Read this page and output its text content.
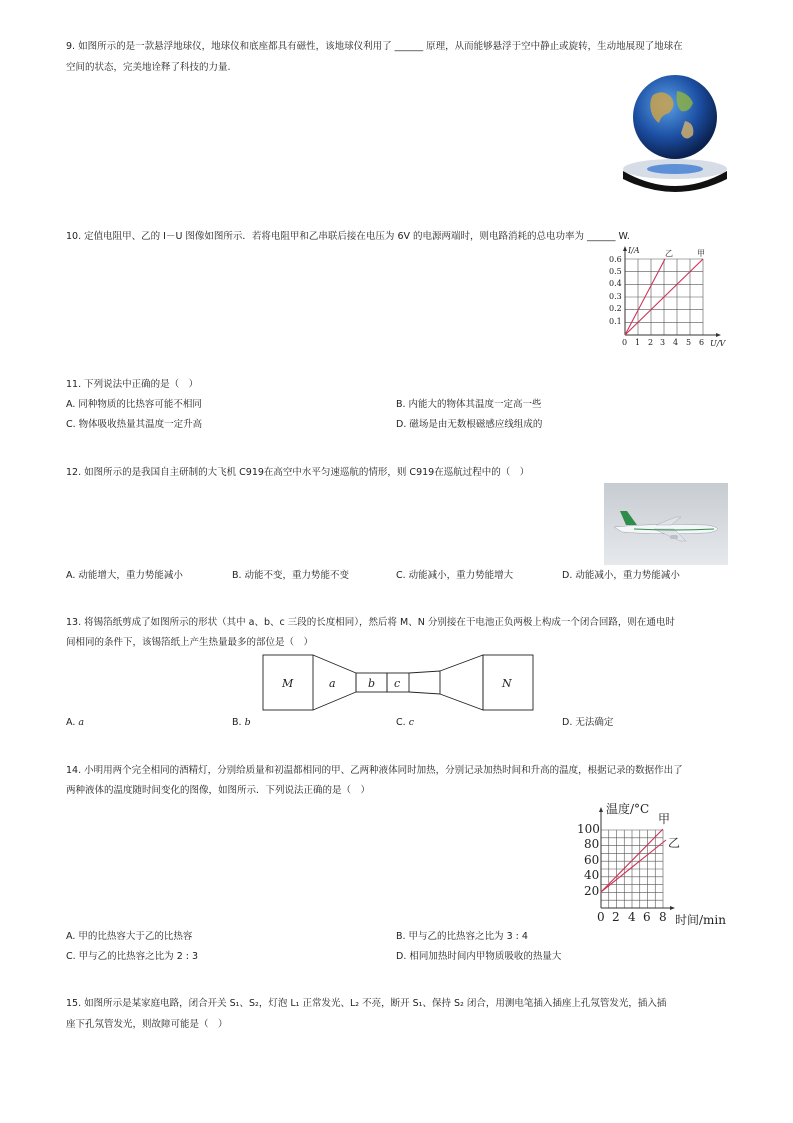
9. 如图所示的是一款悬浮地球仪，地球仪和底座都具有磁性，该地球仪利用了 ______ 原理，从而能够悬浮于空中静止或旋转，生动地展现了地球在
空间的状态，完美地诠释了科技的力量.
10. 定值电阻甲、乙的 I－U 图像如图所示．若将电阻甲和乙串联后接在电压为 6V 的电源两端时，则电路消耗的总电功率为 ______ W.
I/A
U/V
乙	甲
0.6
0.5
0.4
0.3
0.2
0.1
0 1 2 3 4 5 6
11. 下列说法中正确的是（　）
A. 同种物质的比热容可能不相同	B. 内能大的物体其温度一定高一些
C. 物体吸收热量其温度一定升高	D. 磁场是由无数根磁感应线组成的
12. 如图所示的是我国自主研制的大飞机 C919在高空中水平匀速巡航的情形，则 C919在巡航过程中的（　）
A. 动能增大，重力势能减小	B. 动能不变，重力势能不变	C. 动能减小，重力势能增大	D. 动能减小，重力势能减小
13. 将锡箔纸剪成了如图所示的形状（其中 a、b、c 三段的长度相同），然后将 M、N 分别接在干电池正负两极上构成一个闭合回路，则在通电时
间相同的条件下，该锡箔纸上产生热量最多的部位是（　）
M	a	b c	N
A. a	B. b	C. c	D. 无法确定
14. 小明用两个完全相同的酒精灯，分别给质量和初温都相同的甲、乙两种液体同时加热，分别记录加热时间和升高的温度，根据记录的数据作出了
两种液体的温度随时间变化的图像，如图所示．下列说法正确的是（　）
温度/°C
时间/min
甲
乙
100
80
60
40
20
0 2 4 6 8
A. 甲的比热容大于乙的比热容	B. 甲与乙的比热容之比为 3 : 4
C. 甲与乙的比热容之比为 2 : 3	D. 相同加热时间内甲物质吸收的热量大
15. 如图所示是某家庭电路，闭合开关 S₁、S₂，灯泡 L₁ 正常发光、L₂ 不亮，断开 S₁、保持 S₂ 闭合，用测电笔插入插座上孔氖管发光，插入插
座下孔氖管发光，则故障可能是（　）
